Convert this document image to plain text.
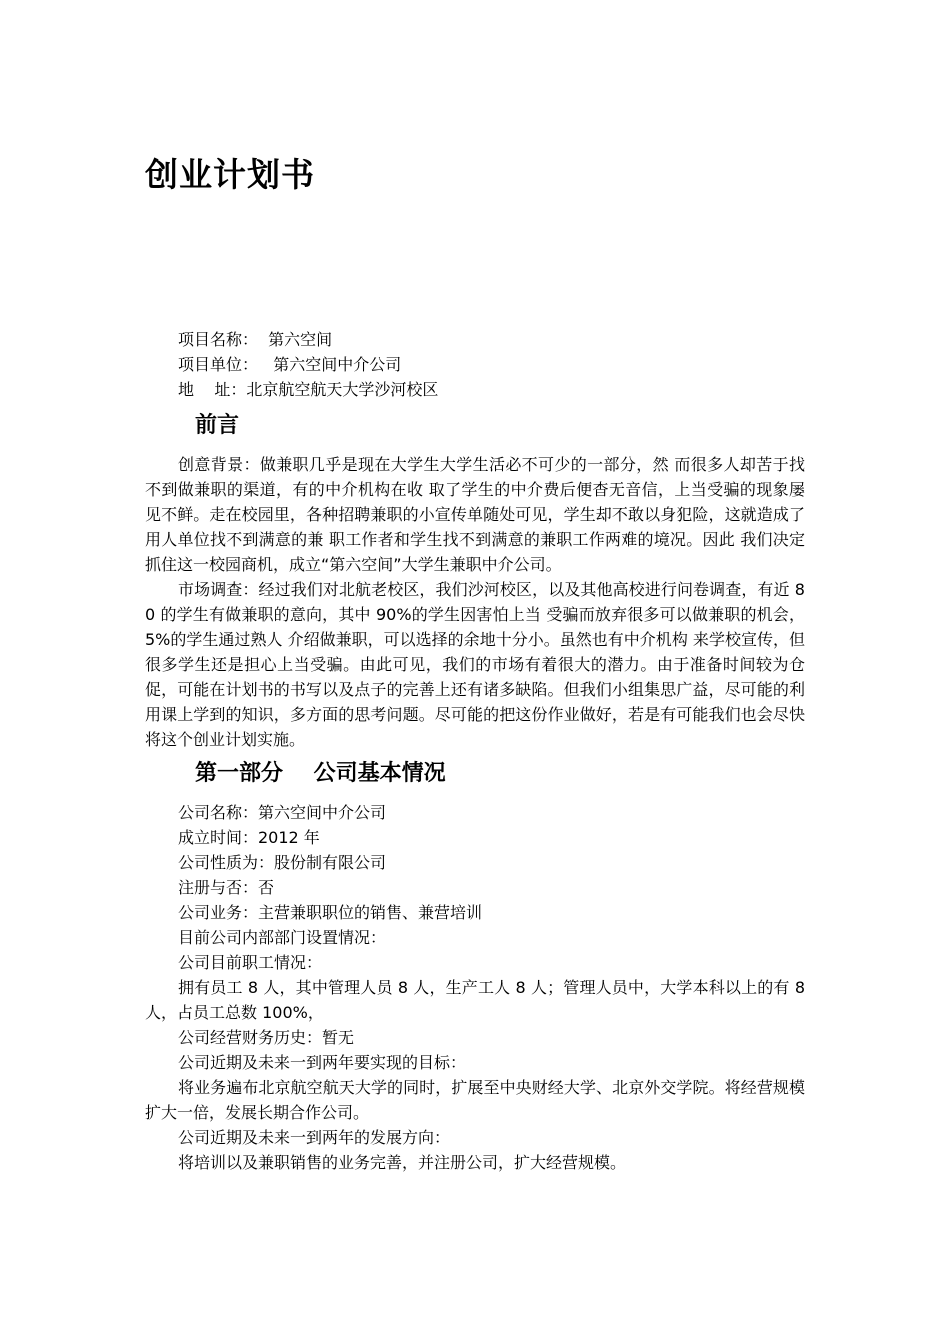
创业计划书
项目名称：  第六空间
项目单位：   第六空间中介公司
地    址：北京航空航天大学沙河校区
前言

创意背景：做兼职几乎是现在大学生大学生活必不可少的一部分，然 而很多人却苦于找不到做兼职的渠道，有的中介机构在收 取了学生的中介费后便杳无音信，上当受骗的现象屡见不鲜。走在校园里，各种招聘兼职的小宣传单随处可见，学生却不敢以身犯险，这就造成了用人单位找不到满意的兼 职工作者和学生找不到满意的兼职工作两难的境况。因此 我们决定抓住这一校园商机，成立“第六空间”大学生兼职中介公司。

市场调查：经过我们对北航老校区，我们沙河校区，以及其他高校进行问卷调查，有近 80 的学生有做兼职的意向，其中 90%的学生因害怕上当 受骗而放弃很多可以做兼职的机会，5%的学生通过熟人 介绍做兼职，可以选择的余地十分小。虽然也有中介机构 来学校宣传，但很多学生还是担心上当受骗。由此可见，我们的市场有着很大的潜力。由于准备时间较为仓促，可能在计划书的书写以及点子的完善上还有诸多缺陷。但我们小组集思广益，尽可能的利用课上学到的知识，多方面的思考问题。尽可能的把这份作业做好，若是有可能我们也会尽快将这个创业计划实施。

第一部分    公司基本情况

公司名称：第六空间中介公司

成立时间：2012 年

公司性质为：股份制有限公司

注册与否：否

公司业务：主营兼职职位的销售、兼营培训

目前公司内部部门设置情况：

公司目前职工情况：

拥有员工 8 人，其中管理人员 8 人，生产工人 8 人；管理人员中，大学本科以上的有 8 人，占员工总数 100%，

公司经营财务历史：暂无

公司近期及未来一到两年要实现的目标：

将业务遍布北京航空航天大学的同时，扩展至中央财经大学、北京外交学院。将经营规模扩大一倍，发展长期合作公司。

公司近期及未来一到两年的发展方向：

将培训以及兼职销售的业务完善，并注册公司，扩大经营规模。
